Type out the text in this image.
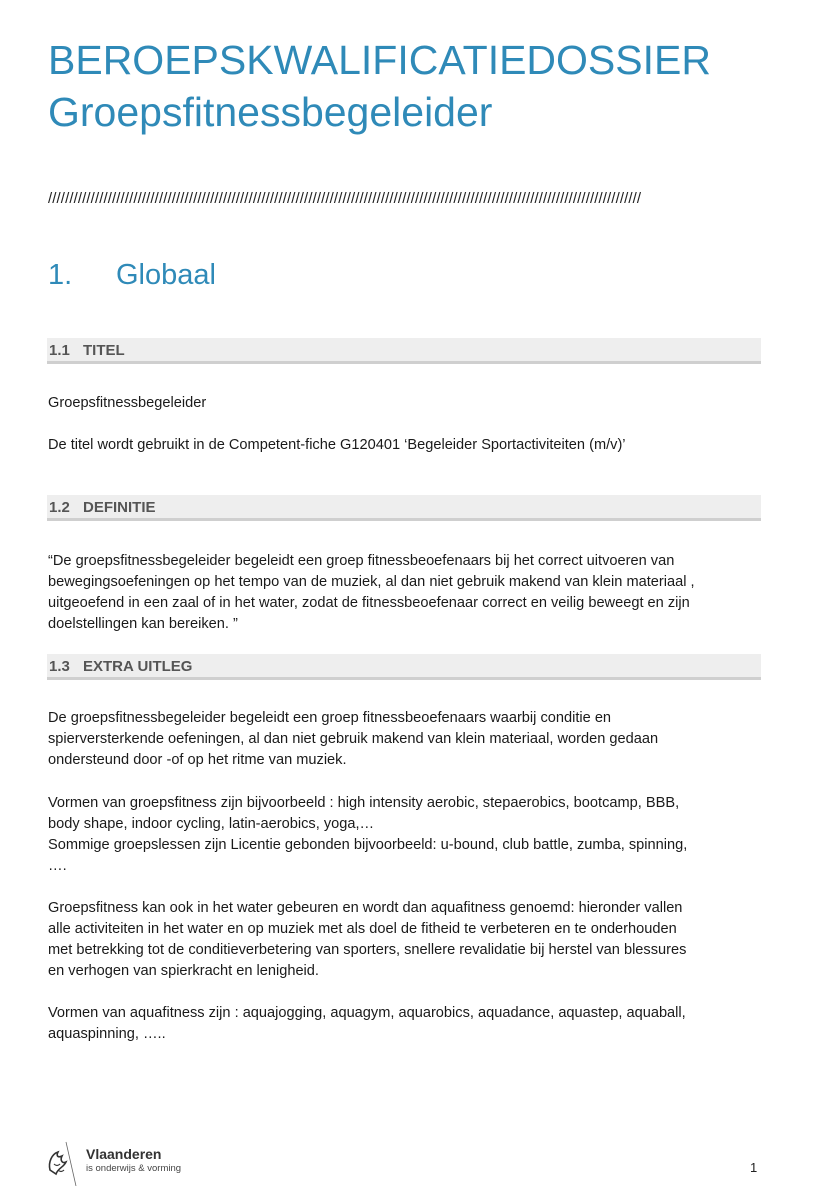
BEROEPSKWALIFICATIEDOSSIER
Groepsfitnessbegeleider
///////////////////////////////////////////////////////////////////////////////////////////////////////////////////////////////////////////
1. Globaal
1.1 TITEL

Groepsfitnessbegeleider

De titel wordt gebruikt in de Competent-fiche G120401 ‘Begeleider Sportactiviteiten (m/v)’

1.2 DEFINITIE

“De groepsfitnessbegeleider begeleidt een groep fitnessbeoefenaars bij het correct uitvoeren van
bewegingsoefeningen op het tempo van de muziek, al dan niet gebruik makend van klein materiaal ,
uitgeoefend in een zaal of in het water, zodat de fitnessbeoefenaar correct en veilig beweegt en zijn
doelstellingen kan bereiken. ”

1.3 EXTRA UITLEG

De groepsfitnessbegeleider begeleidt een groep fitnessbeoefenaars waarbij conditie en
spierversterkende oefeningen, al dan niet gebruik makend van klein materiaal, worden gedaan
ondersteund door -of op het ritme van muziek.

Vormen van groepsfitness zijn bijvoorbeeld : high intensity aerobic, stepaerobics, bootcamp, BBB,
body shape, indoor cycling, latin-aerobics, yoga,…
Sommige groepslessen zijn Licentie gebonden bijvoorbeeld: u-bound, club battle, zumba, spinning,
….

Groepsfitness kan ook in het water gebeuren en wordt dan aquafitness genoemd: hieronder vallen
alle activiteiten in het water en op muziek met als doel de fitheid te verbeteren en te onderhouden
met betrekking tot de conditieverbetering van sporters, snellere revalidatie bij herstel van blessures
en verhogen van spierkracht en lenigheid.

Vormen van aquafitness zijn : aquajogging, aquagym, aquarobics, aquadance, aquastep, aquaball,
aquaspinning, …..

Vlaanderen
is onderwijs & vorming	1
